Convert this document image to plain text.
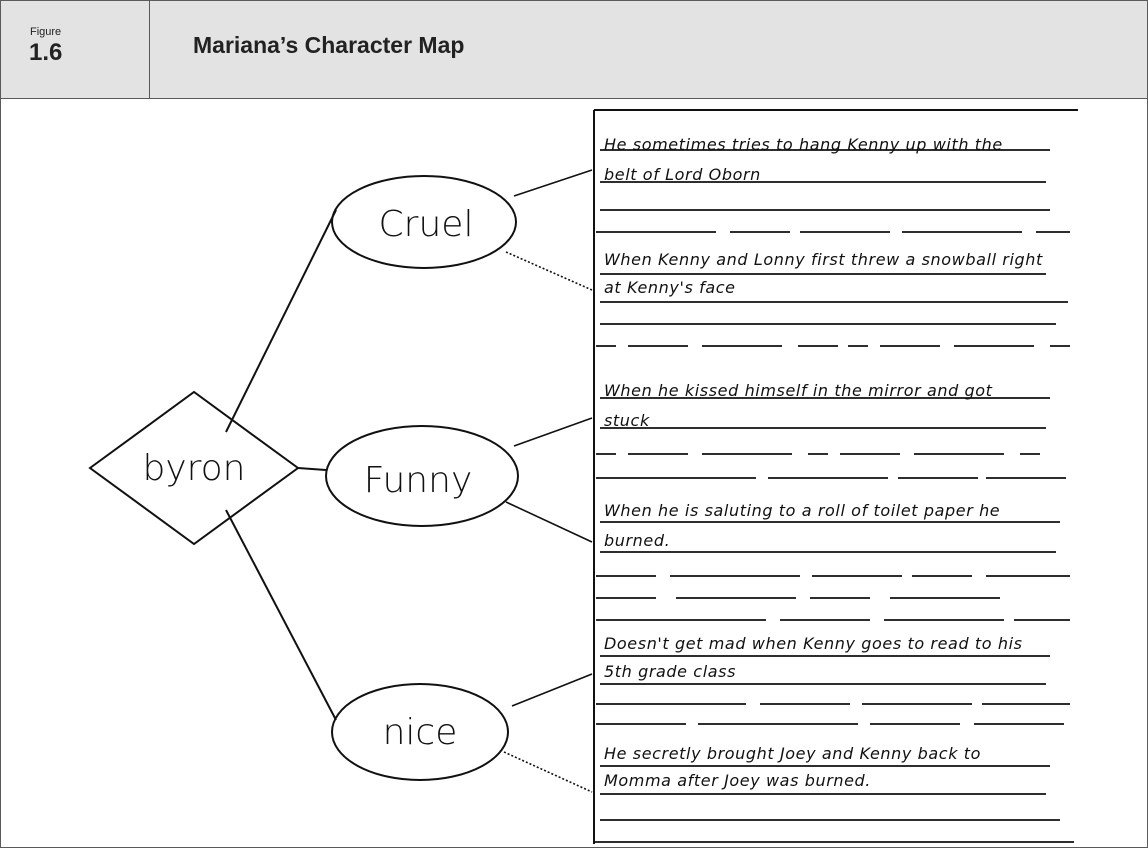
Figure
1.6	Mariana’s Character Map
byron
Cruel
Funny
nice
He sometimes tries to hang Kenny up with the belt of Lord Oborn
When Kenny and Lonny first threw a snowball right at Kenny's face
When he kissed himself in the mirror and got stuck
When he is saluting to a roll of toilet paper he burned.
Doesn't get mad when Kenny goes to read to his 5th grade class
He secretly brought Joey and Kenny back to Momma after Joey was burned.
